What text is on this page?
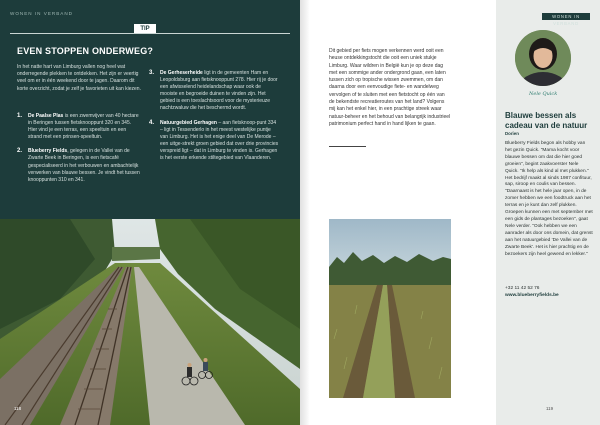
WONEN IN VERBAND
TIP
EVEN STOPPEN ONDERWEG?

In het natte hart van Limburg vallen nog heel wat onderregende plekken te ontdekken. Het zijn er veertig veel om er in één weekend door te jagen. Daarom dit korte overzicht, zodat je zelf je favorieten uit kan kiezen.

1. De Paalse Plas is een zwemvijver van 40 hectare in Beringen tussen fietsknooppunt 320 en 345. Hier vind je een terras, een speeltuin en een strand met een prinsen-speeltuin.
2. Blueberry Fields, gelegen in de Vallei van de Zwarte Beek in Beringen, is een fietscafé gespecialiseerd in het verbouwen en ambachtelijk verwerken van blauwe bessen. Je vindt het tussen knooppunten 310 en 341.
3. De Gerheserheide ligt in de gemeenten Ham en Leopoldsburg aan fietsknooppunt 278. Hier rij je door een afwisselend heidelandschap waar ook de mooiste en begroeide duinen te vinden zijn. Het gebied is een toeslachtsoord voor de mysterieuze nachtzwaluw die het beschermd wordt.
4. Natuurgebied Gerhagen – aan fietsknoop-punt 334 – ligt in Tessenderlo in het meest westelijke puntje van Limburg. Het is het enige deel van De Merode – een uitge-strekt groen gebied dat over drie provincies verspreid ligt – dat in Limburg te vinden is. Gerhagen is het eerste erkende stiltegebied van Vlaanderen.
118

Dit gebied per fiets mogen verkennen werd ooit een heuse ontdekkingstocht die ooit een uniek stukje Limburg. Waar wildren in België kun je op deze dag met een sommige ander ondergrond gaan, een laten tussen zich op tropische wissen zwemmen, om dan daarna door een eenvoudige fiete- en wandelweg vervolgen of te sluiten met een fietstocht op één van de bekendste recreatieroutes van het land? Volgens mij kan het enkel hier, in een prachtige streek waar natuur-beheer en het behoud van belangrijk industrieel patrimonium perfect hand in hand lijken te gaan.

WONEN IN VERBAND
Nele Quick
Blauwe bessen als cadeau van de natuur
Dorien

Blueberry Fields begon als hobby van het gezin Quick. "Mama kocht voor blauwe bessen om dat die hier goed groeien", begint zaakvoerster Nele Quick. "Ik help als kind al met plukken." Het bedrijf maakt al sinds 1987 confituur, sap, siroop en coulis van bessen. "Daarnaast is het hele jaar open, in de zomer hebben we een foodtruck aan het terras en je kunt dan zelf plukken. Groepen kunnen een met september met een gids de plantages bezoeken", gaat Nele verder. "Ook hebben we een aanrader als door ons domein, dat grenst aan het natuurgebied 'De Vallei van de Zwarte Beek'. Het is hier prachtig en de bezoekers zijn heel gewend en lekker."

+32 11 42 52 76
www.blueberryfields.be
119
